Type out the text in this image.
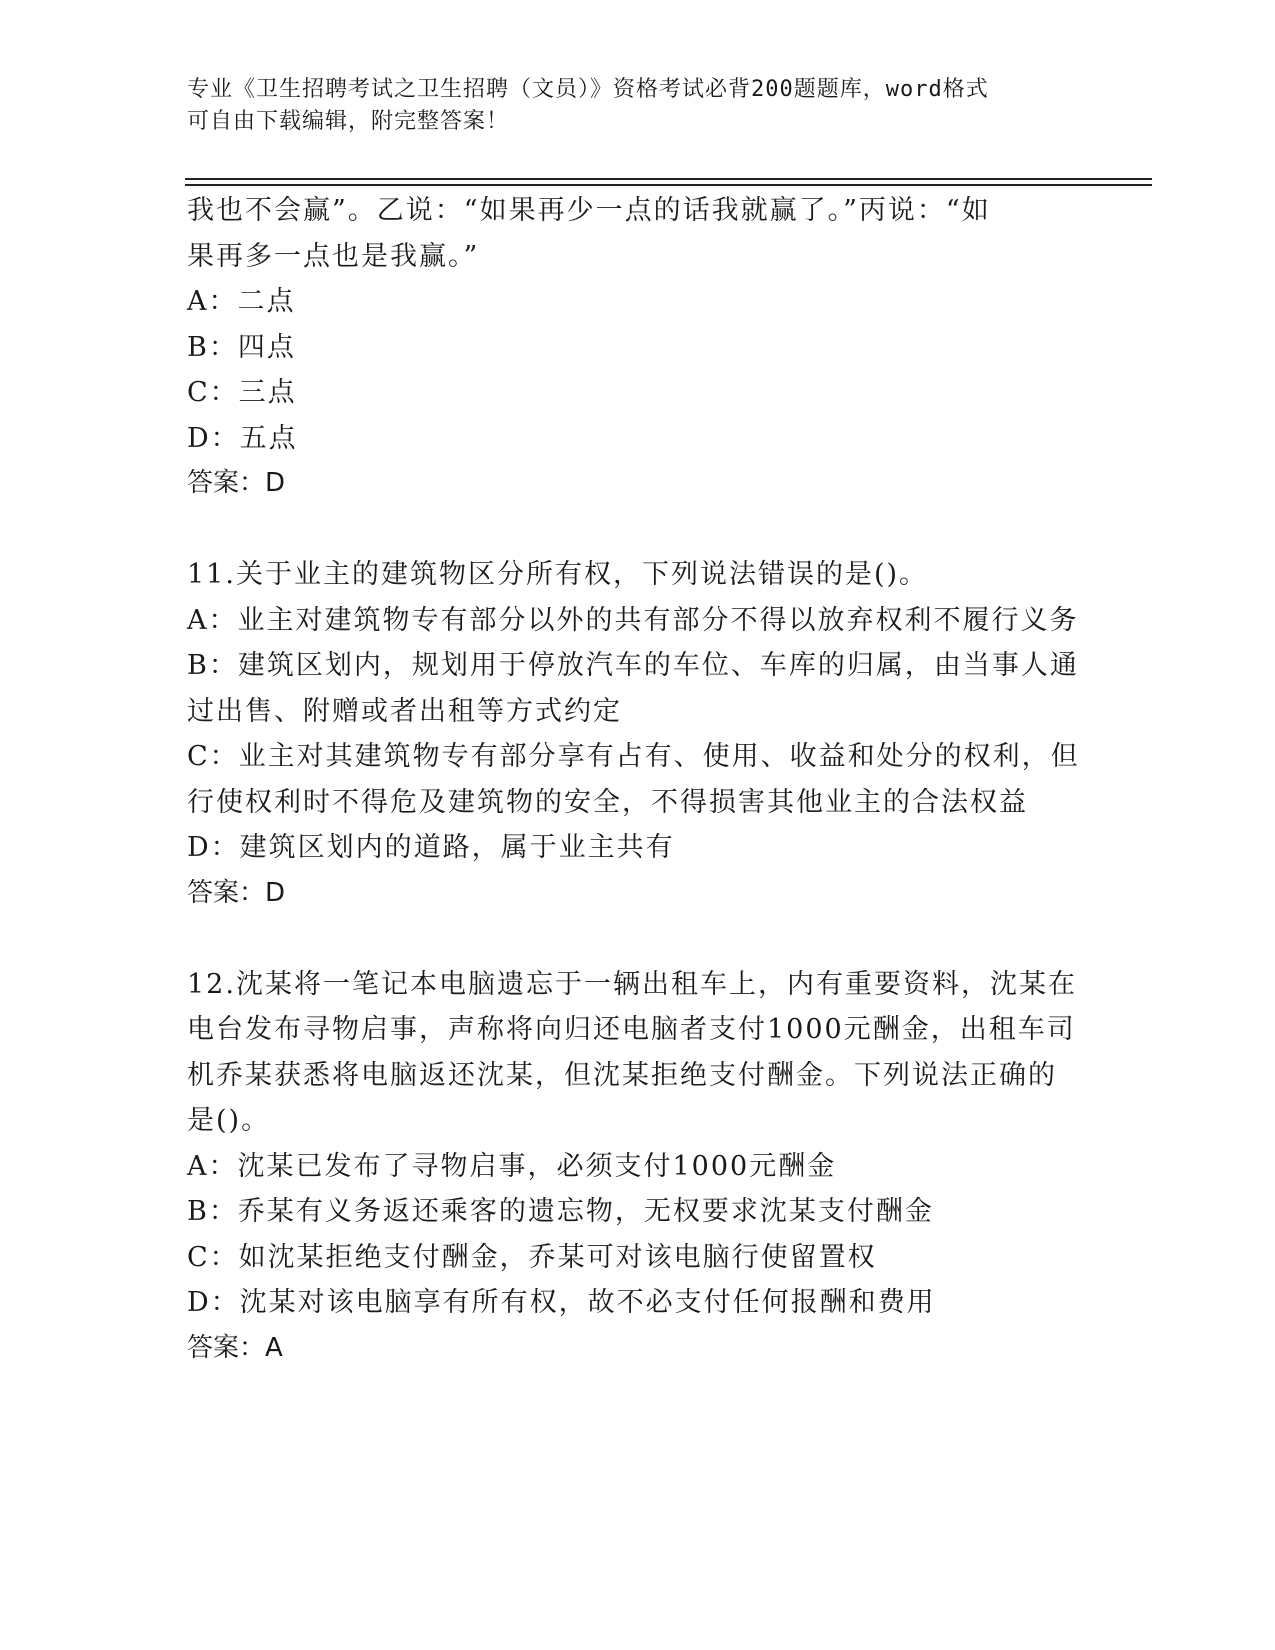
专业《卫生招聘考试之卫生招聘（文员）》资格考试必背200题题库，word格式
可自由下载编辑，附完整答案！
我也不会赢”。乙说：“如果再少一点的话我就赢了。”丙说：“如
果再多一点也是我赢。”
A：二点
B：四点
C：三点
D：五点
答案：D
11.关于业主的建筑物区分所有权，下列说法错误的是()。
A：业主对建筑物专有部分以外的共有部分不得以放弃权利不履行义务
B：建筑区划内，规划用于停放汽车的车位、车库的归属，由当事人通
过出售、附赠或者出租等方式约定
C：业主对其建筑物专有部分享有占有、使用、收益和处分的权利，但
行使权利时不得危及建筑物的安全，不得损害其他业主的合法权益
D：建筑区划内的道路，属于业主共有
答案：D
12.沈某将一笔记本电脑遗忘于一辆出租车上，内有重要资料，沈某在
电台发布寻物启事，声称将向归还电脑者支付1000元酬金，出租车司
机乔某获悉将电脑返还沈某，但沈某拒绝支付酬金。下列说法正确的
是()。
A：沈某已发布了寻物启事，必须支付1000元酬金
B：乔某有义务返还乘客的遗忘物，无权要求沈某支付酬金
C：如沈某拒绝支付酬金，乔某可对该电脑行使留置权
D：沈某对该电脑享有所有权，故不必支付任何报酬和费用
答案：A
